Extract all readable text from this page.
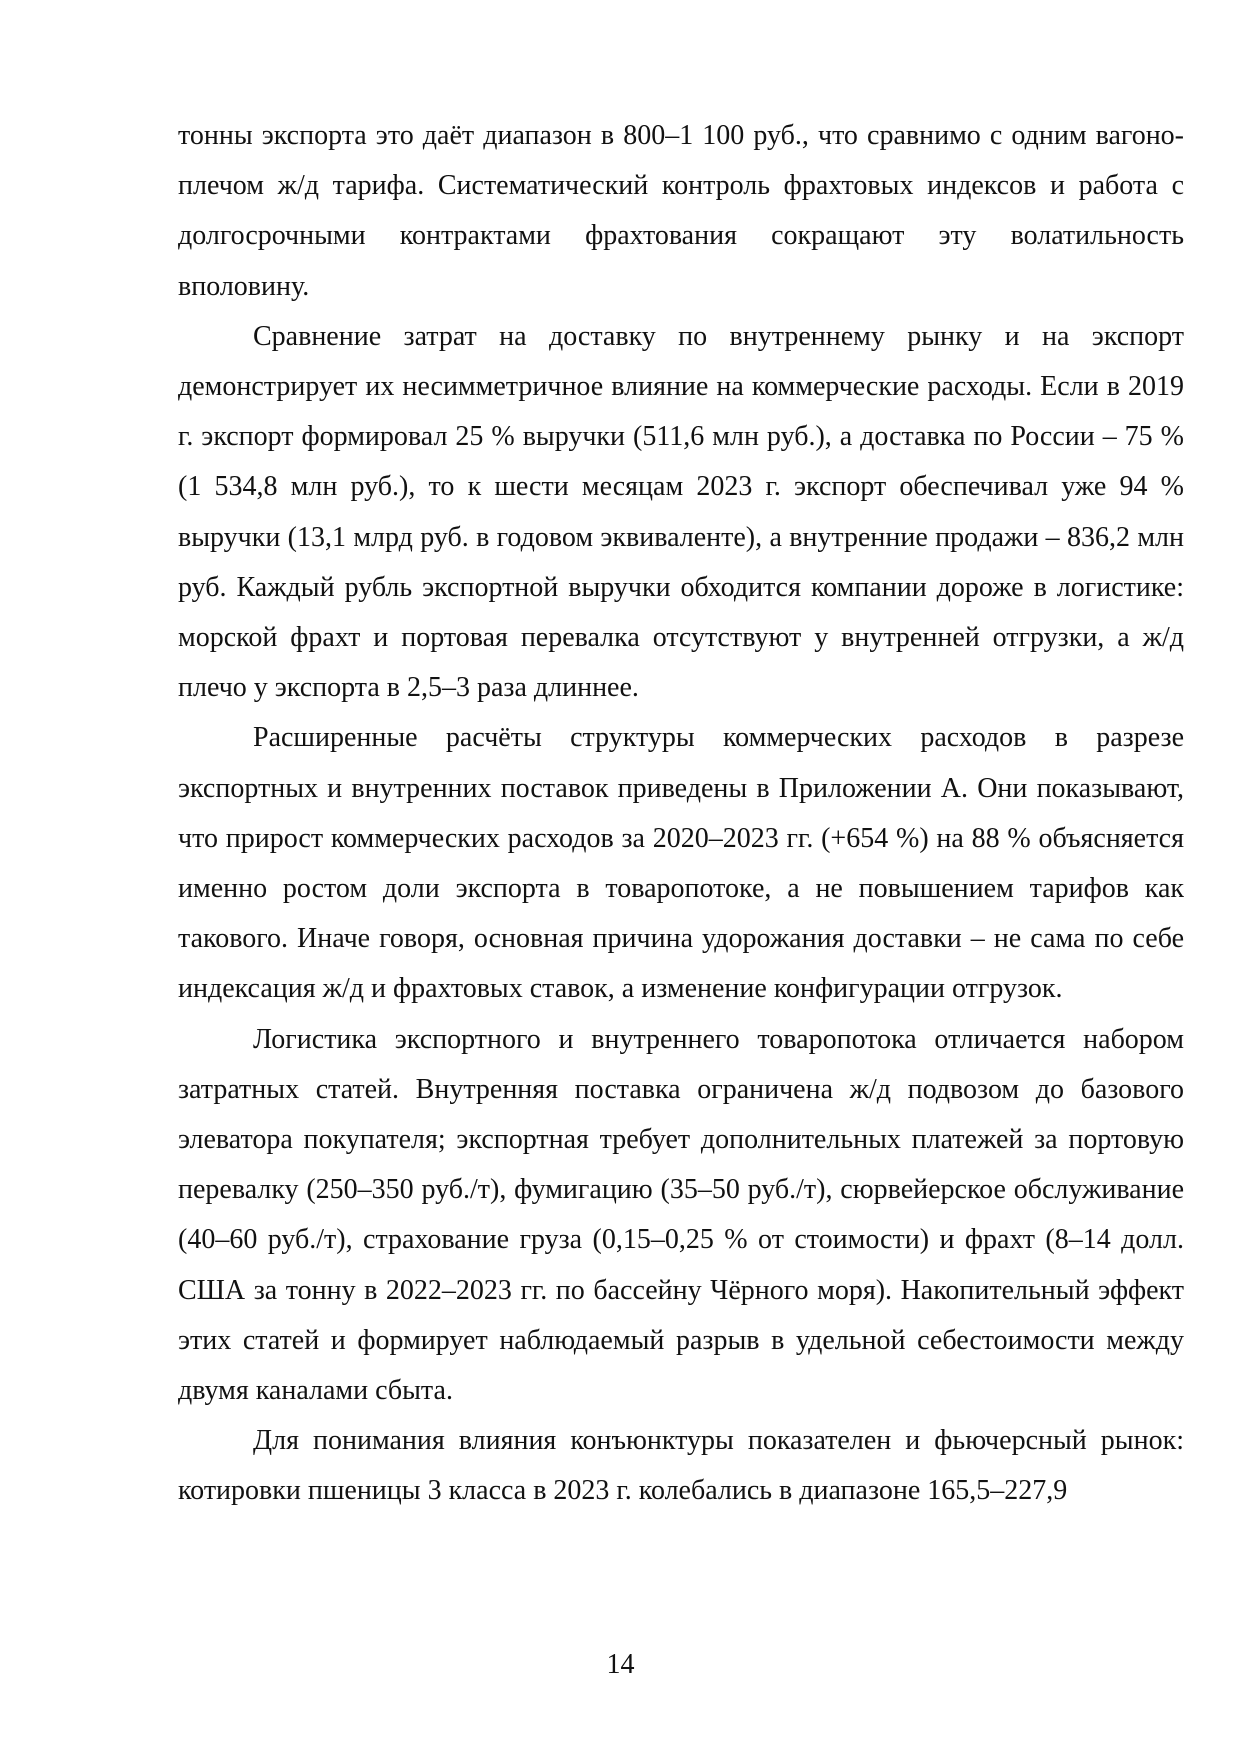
тонны экспорта это даёт диапазон в 800–1 100 руб., что сравнимо с одним вагоно-плечом ж/д тарифа. Систематический контроль фрахтовых индексов и работа с долгосрочными контрактами фрахтования сокращают эту волатильность вполовину.

Сравнение затрат на доставку по внутреннему рынку и на экспорт демонстрирует их несимметричное влияние на коммерческие расходы. Если в 2019 г. экспорт формировал 25 % выручки (511,6 млн руб.), а доставка по России – 75 % (1 534,8 млн руб.), то к шести месяцам 2023 г. экспорт обеспечивал уже 94 % выручки (13,1 млрд руб. в годовом эквиваленте), а внутренние продажи – 836,2 млн руб. Каждый рубль экспортной выручки обходится компании дороже в логистике: морской фрахт и портовая перевалка отсутствуют у внутренней отгрузки, а ж/д плечо у экспорта в 2,5–3 раза длиннее.

Расширенные расчёты структуры коммерческих расходов в разрезе экспортных и внутренних поставок приведены в Приложении А. Они показывают, что прирост коммерческих расходов за 2020–2023 гг. (+654 %) на 88 % объясняется именно ростом доли экспорта в товаропотоке, а не повышением тарифов как такового. Иначе говоря, основная причина удорожания доставки – не сама по себе индексация ж/д и фрахтовых ставок, а изменение конфигурации отгрузок.

Логистика экспортного и внутреннего товаропотока отличается набором затратных статей. Внутренняя поставка ограничена ж/д подвозом до базового элеватора покупателя; экспортная требует дополнительных платежей за портовую перевалку (250–350 руб./т), фумигацию (35–50 руб./т), сюрвейерское обслуживание (40–60 руб./т), страхование груза (0,15–0,25 % от стоимости) и фрахт (8–14 долл. США за тонну в 2022–2023 гг. по бассейну Чёрного моря). Накопительный эффект этих статей и формирует наблюдаемый разрыв в удельной себестоимости между двумя каналами сбыта.

Для понимания влияния конъюнктуры показателен и фьючерсный рынок: котировки пшеницы 3 класса в 2023 г. колебались в диапазоне 165,5–227,9

14
